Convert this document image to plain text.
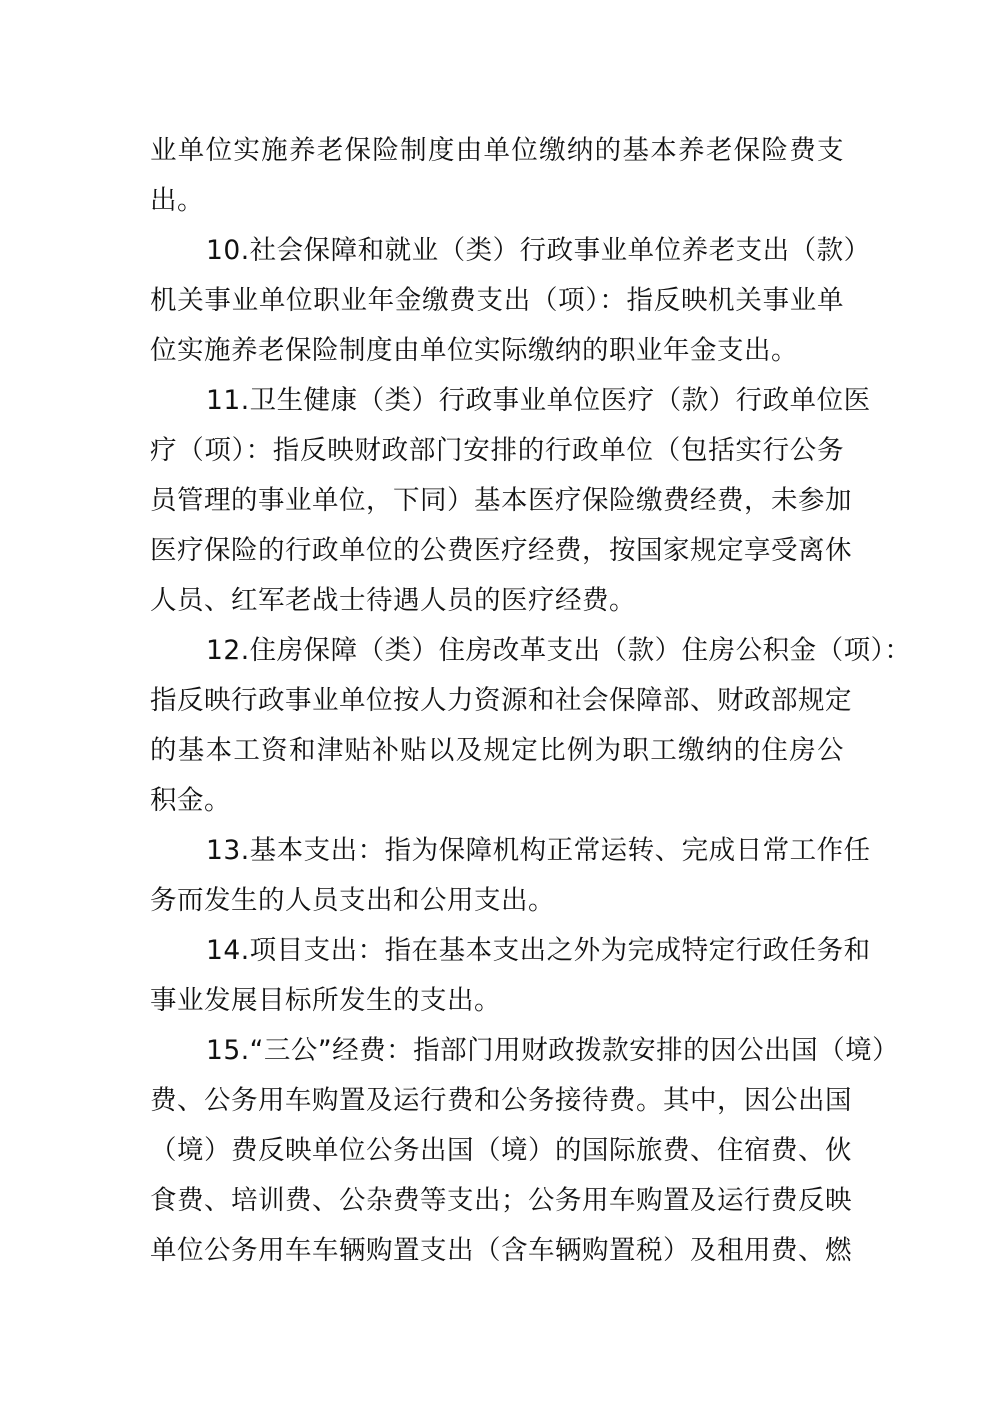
业单位实施养老保险制度由单位缴纳的基本养老保险费支
出。
10.社会保障和就业（类）行政事业单位养老支出（款）
机关事业单位职业年金缴费支出（项）：指反映机关事业单
位实施养老保险制度由单位实际缴纳的职业年金支出。
11.卫生健康（类）行政事业单位医疗（款）行政单位医
疗（项）：指反映财政部门安排的行政单位（包括实行公务
员管理的事业单位，下同）基本医疗保险缴费经费，未参加
医疗保险的行政单位的公费医疗经费，按国家规定享受离休
人员、红军老战士待遇人员的医疗经费。
12.住房保障（类）住房改革支出（款）住房公积金（项）：
指反映行政事业单位按人力资源和社会保障部、财政部规定
的基本工资和津贴补贴以及规定比例为职工缴纳的住房公
积金。
13.基本支出：指为保障机构正常运转、完成日常工作任
务而发生的人员支出和公用支出。
14.项目支出：指在基本支出之外为完成特定行政任务和
事业发展目标所发生的支出。
15.“三公”经费：指部门用财政拨款安排的因公出国（境）
费、公务用车购置及运行费和公务接待费。其中，因公出国
（境）费反映单位公务出国（境）的国际旅费、住宿费、伙
食费、培训费、公杂费等支出；公务用车购置及运行费反映
单位公务用车车辆购置支出（含车辆购置税）及租用费、燃
